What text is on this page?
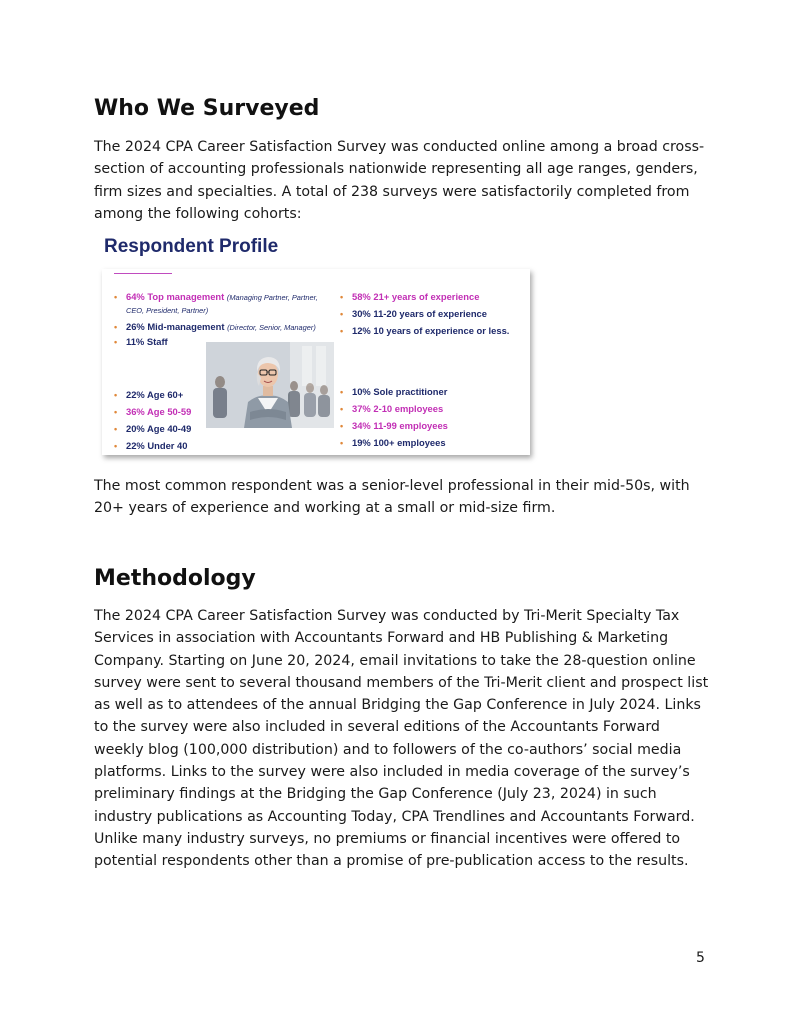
Who We Surveyed

The 2024 CPA Career Satisfaction Survey was conducted online among a broad cross-section of accounting professionals nationwide representing all age ranges, genders, firm sizes and specialties. A total of 238 surveys were satisfactorily completed from among the following cohorts:

Respondent Profile
• 64% Top management (Managing Partner, Partner,
CEO, President, Partner)
• 26% Mid-management (Director, Senior, Manager)
• 11% Staff
• 58% 21+ years of experience
• 30% 11-20 years of experience
• 12% 10 years of experience or less.
• 22% Age 60+
• 36% Age 50-59
• 20% Age 40-49
• 22% Under 40
• 10% Sole practitioner
• 37% 2-10 employees
• 34% 11-99 employees
• 19% 100+ employees

The most common respondent was a senior-level professional in their mid-50s, with 20+ years of experience and working at a small or mid-size firm.

Methodology

The 2024 CPA Career Satisfaction Survey was conducted by Tri-Merit Specialty Tax Services in association with Accountants Forward and HB Publishing & Marketing Company. Starting on June 20, 2024, email invitations to take the 28-question online survey were sent to several thousand members of the Tri-Merit client and prospect list as well as to attendees of the annual Bridging the Gap Conference in July 2024. Links to the survey were also included in several editions of the Accountants Forward weekly blog (100,000 distribution) and to followers of the co-authors’ social media platforms. Links to the survey were also included in media coverage of the survey’s preliminary findings at the Bridging the Gap Conference (July 23, 2024) in such industry publications as Accounting Today, CPA Trendlines and Accountants Forward. Unlike many industry surveys, no premiums or financial incentives were offered to potential respondents other than a promise of pre-publication access to the results.

5
